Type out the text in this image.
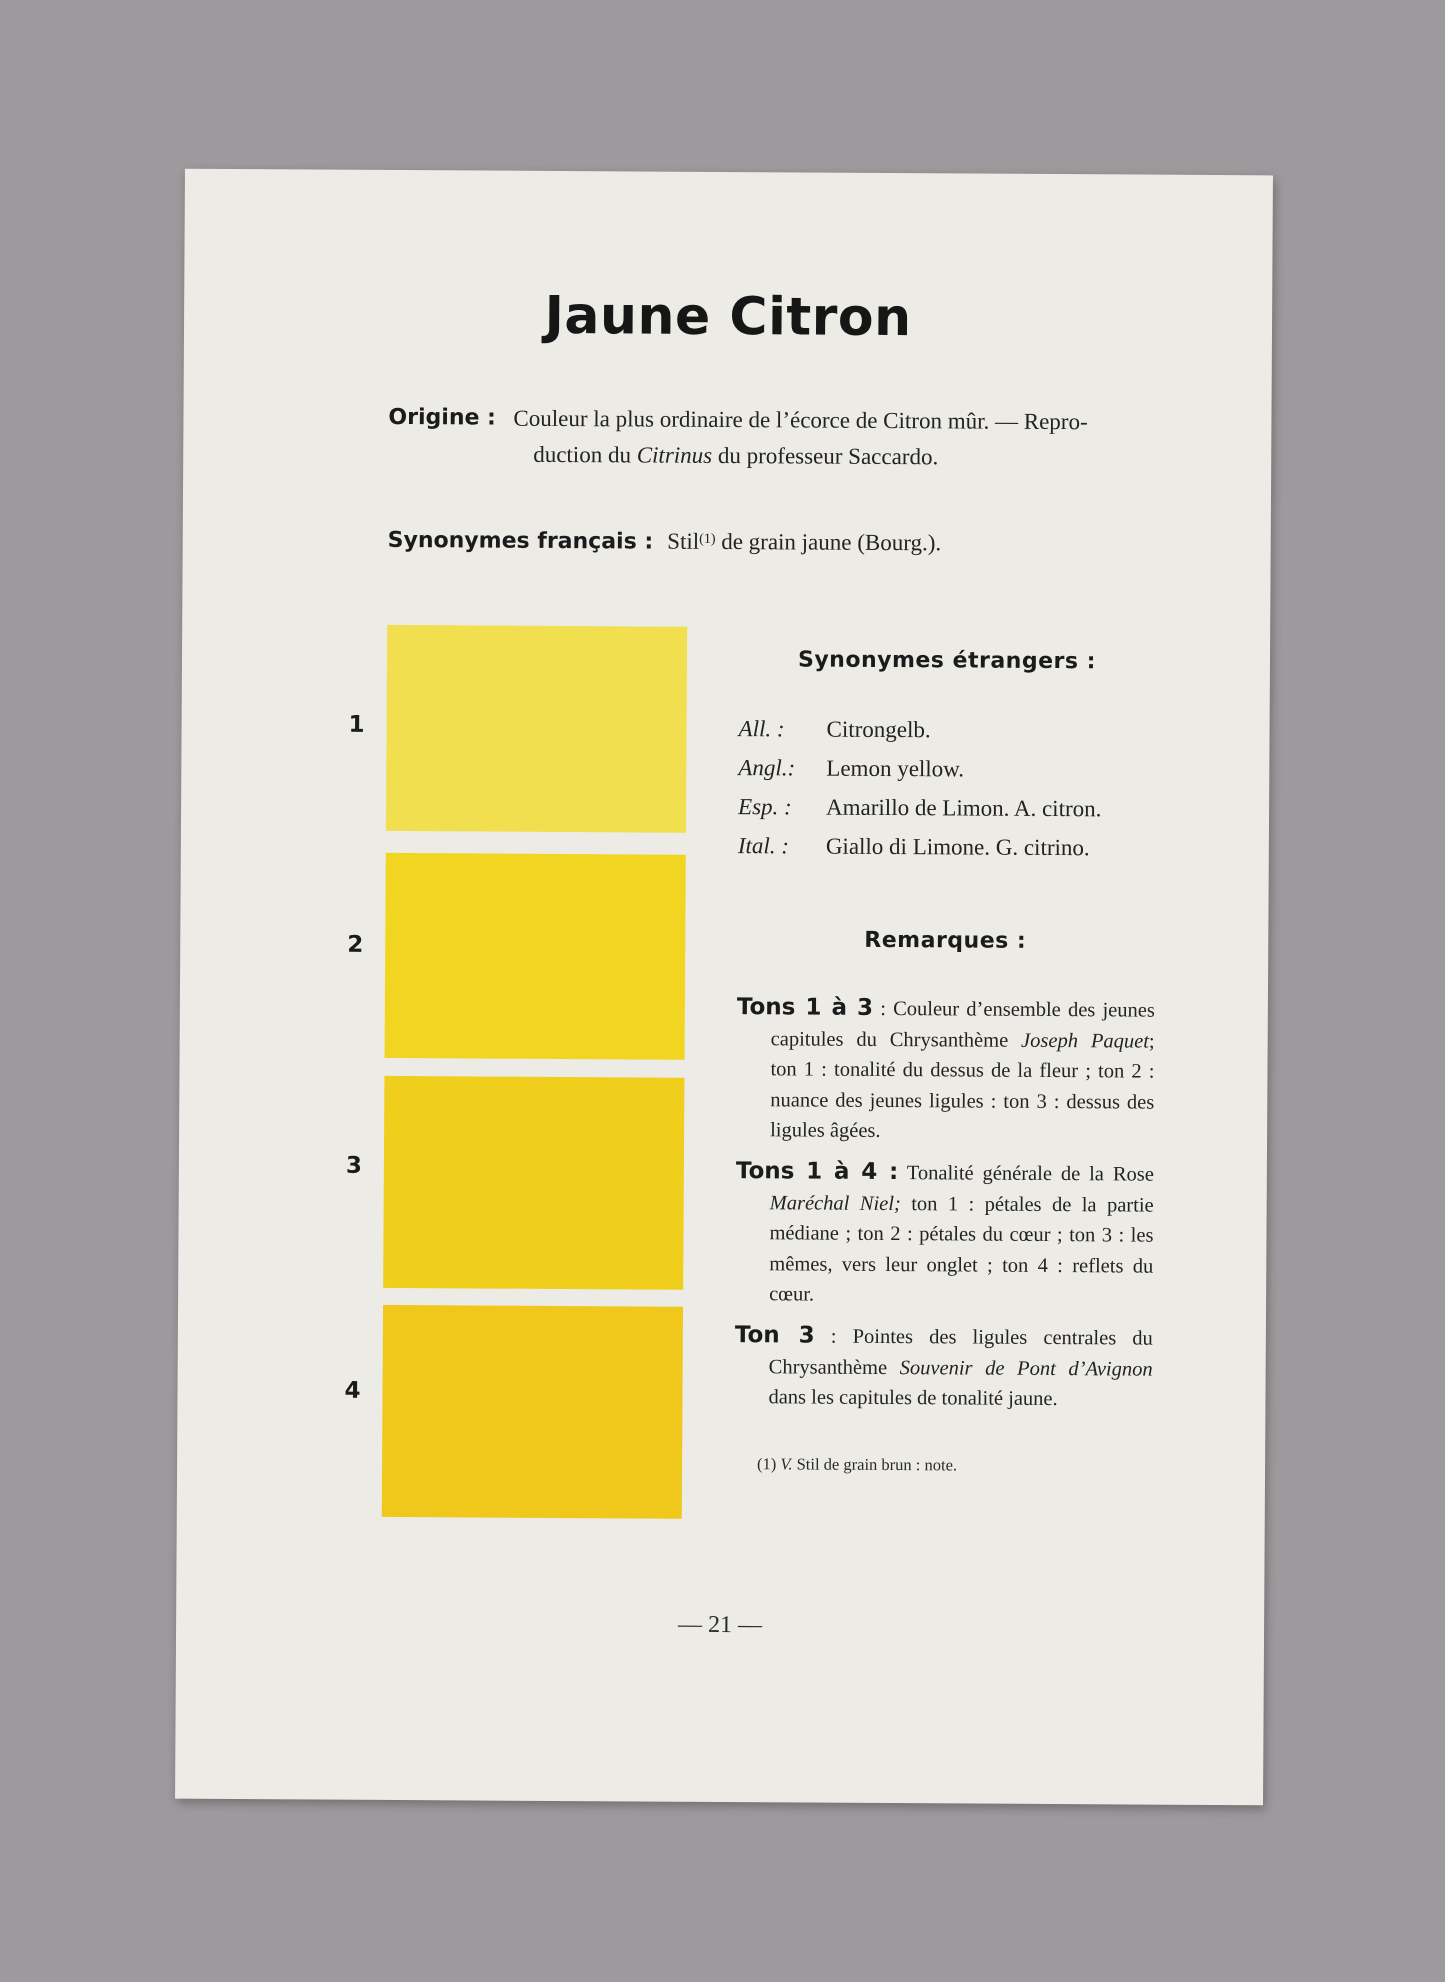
Jaune Citron
Origine : Couleur la plus ordinaire de l’écorce de Citron mûr. — Repro-
duction du Citrinus du professeur Saccardo.
Synonymes français : Stil$^{(1)}$ de grain jaune (Bourg.).
1
2
3
4
Synonymes étrangers :
All. : Citrongelb.
Angl.: Lemon yellow.
Esp. : Amarillo de Limon. A. citron.
Ital. : Giallo di Limone. G. citrino.
Remarques :

Tons 1 à 3 : Couleur d’ensemble des jeunes capitules du Chrysanthème Joseph Paquet; ton 1 : tonalité du dessus de la fleur ; ton 2 : nuance des jeunes ligules : ton 3 : dessus des ligules âgées.

Tons 1 à 4 : Tonalité générale de la Rose Maréchal Niel; ton 1 : pétales de la partie médiane ; ton 2 : pétales du cœur ; ton 3 : les mêmes, vers leur onglet ; ton 4 : reflets du cœur.

Ton 3 : Pointes des ligules centrales du Chrysanthème Souvenir de Pont d’Avignon dans les capitules de tonalité jaune.

(1) V. Stil de grain brun : note.
— 21 —
